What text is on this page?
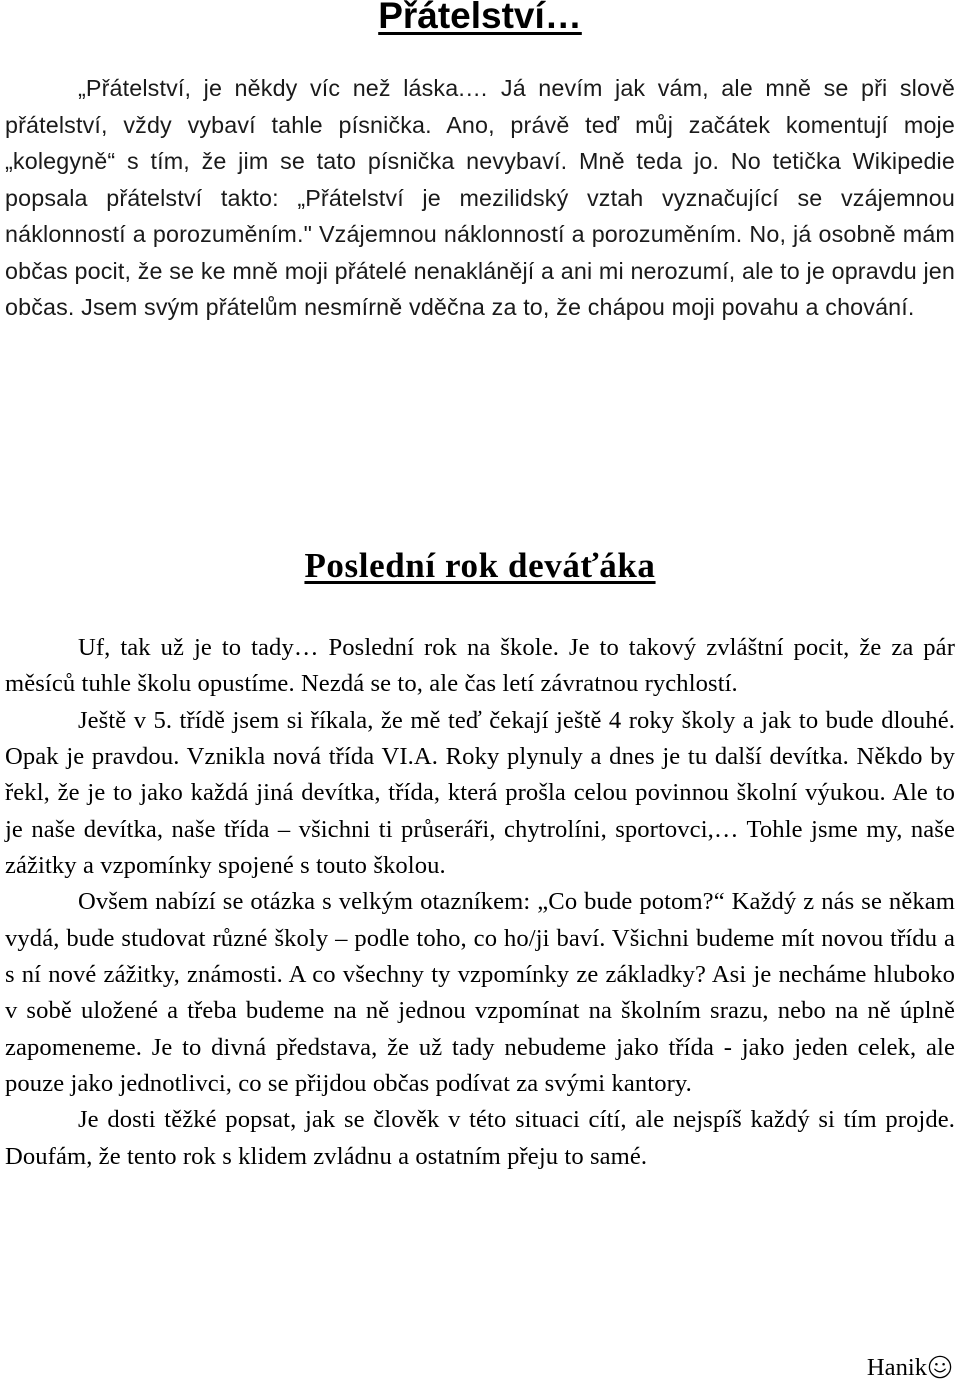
Přátelství…

„Přátelství, je někdy víc než láska.… Já nevím jak vám, ale mně se při slově přátelství, vždy vybaví tahle písnička. Ano, právě teď můj začátek komentují moje „kolegyně“ s tím, že jim se tato písnička nevybaví. Mně teda jo. No tetička Wikipedie popsala přátelství takto: „Přátelství je mezilidský vztah vyznačující se vzájemnou náklonností a porozuměním." Vzájemnou náklonností a porozuměním. No, já osobně mám občas pocit, že se ke mně moji přátelé nenaklánějí a ani mi nerozumí, ale to je opravdu jen občas. Jsem svým přátelům nesmírně vděčna za to, že chápou moji povahu a chování.

Poslední rok deváťáka

Uf, tak už je to tady… Poslední rok na škole. Je to takový zvláštní pocit, že za pár měsíců tuhle školu opustíme. Nezdá se to, ale čas letí závratnou rychlostí.

Ještě v 5. třídě jsem si říkala, že mě teď čekají ještě 4 roky školy a jak to bude dlouhé. Opak je pravdou. Vznikla nová třída VI.A. Roky plynuly a dnes je tu další devítka. Někdo by řekl, že je to jako každá jiná devítka, třída, která prošla celou povinnou školní výukou. Ale to je naše devítka, naše třída – všichni ti průseráři, chytrolíni, sportovci,… Tohle jsme my, naše zážitky a vzpomínky spojené s touto školou.

Ovšem nabízí se otázka s velkým otazníkem: „Co bude potom?“ Každý z nás se někam vydá, bude studovat různé školy – podle toho, co ho/ji baví. Všichni budeme mít novou třídu a s ní nové zážitky, známosti. A co všechny ty vzpomínky ze základky? Asi je necháme hluboko v sobě uložené a třeba budeme na ně jednou vzpomínat na školním srazu, nebo na ně úplně zapomeneme. Je to divná představa, že už tady nebudeme jako třída - jako jeden celek, ale pouze jako jednotlivci, co se přijdou občas podívat za svými kantory.

Je dosti těžké popsat, jak se člověk v této situaci cítí, ale nejspíš každý si tím projde. Doufám, že tento rok s klidem zvládnu a ostatním přeju to samé.

Hanik
